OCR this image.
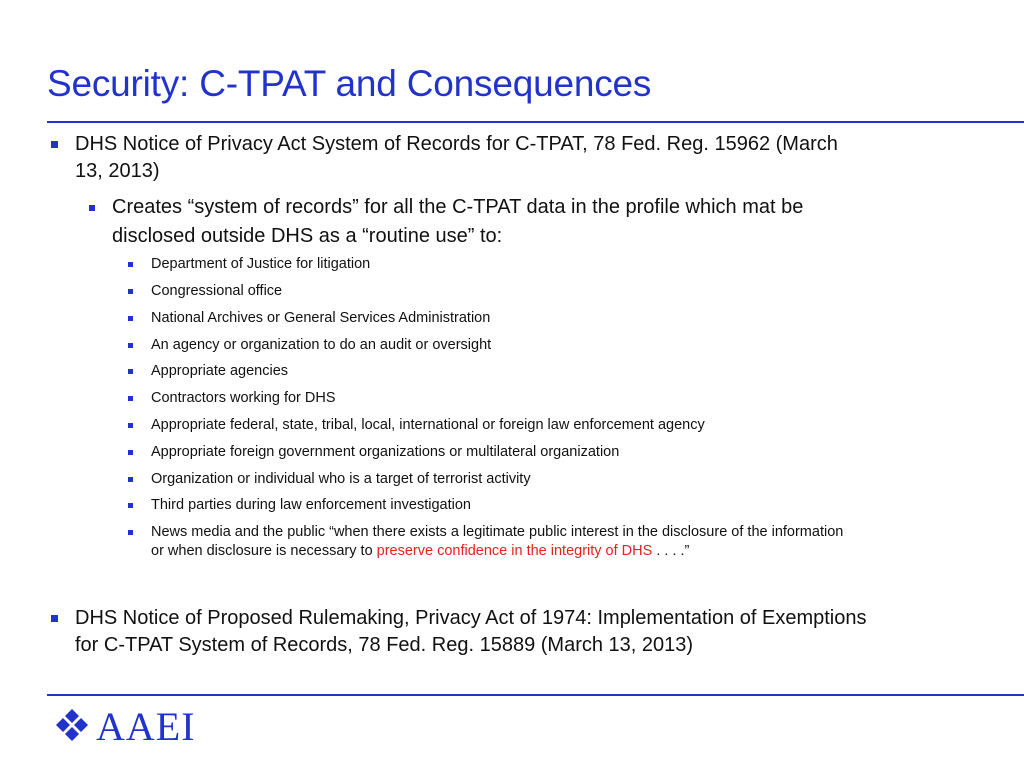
Security: C-TPAT and Consequences
DHS Notice of Privacy Act System of Records for C-TPAT, 78 Fed. Reg. 15962 (March
13, 2013)
Creates “system of records” for all the C-TPAT data in the profile which mat be
disclosed outside DHS as a “routine use” to:
Department of Justice for litigation
Congressional office
National Archives or General Services Administration
An agency or organization to do an audit or oversight
Appropriate agencies
Contractors working for DHS
Appropriate federal, state, tribal, local, international or foreign law enforcement agency
Appropriate foreign government organizations or multilateral organization
Organization or individual who is a target of terrorist activity
Third parties during law enforcement investigation
News media and the public “when there exists a legitimate public interest in the disclosure of the information
or when disclosure is necessary to preserve confidence in the integrity of DHS . . . .”
DHS Notice of Proposed Rulemaking, Privacy Act of 1974: Implementation of Exemptions
for C-TPAT System of Records, 78 Fed. Reg. 15889 (March 13, 2013)
AAEI
